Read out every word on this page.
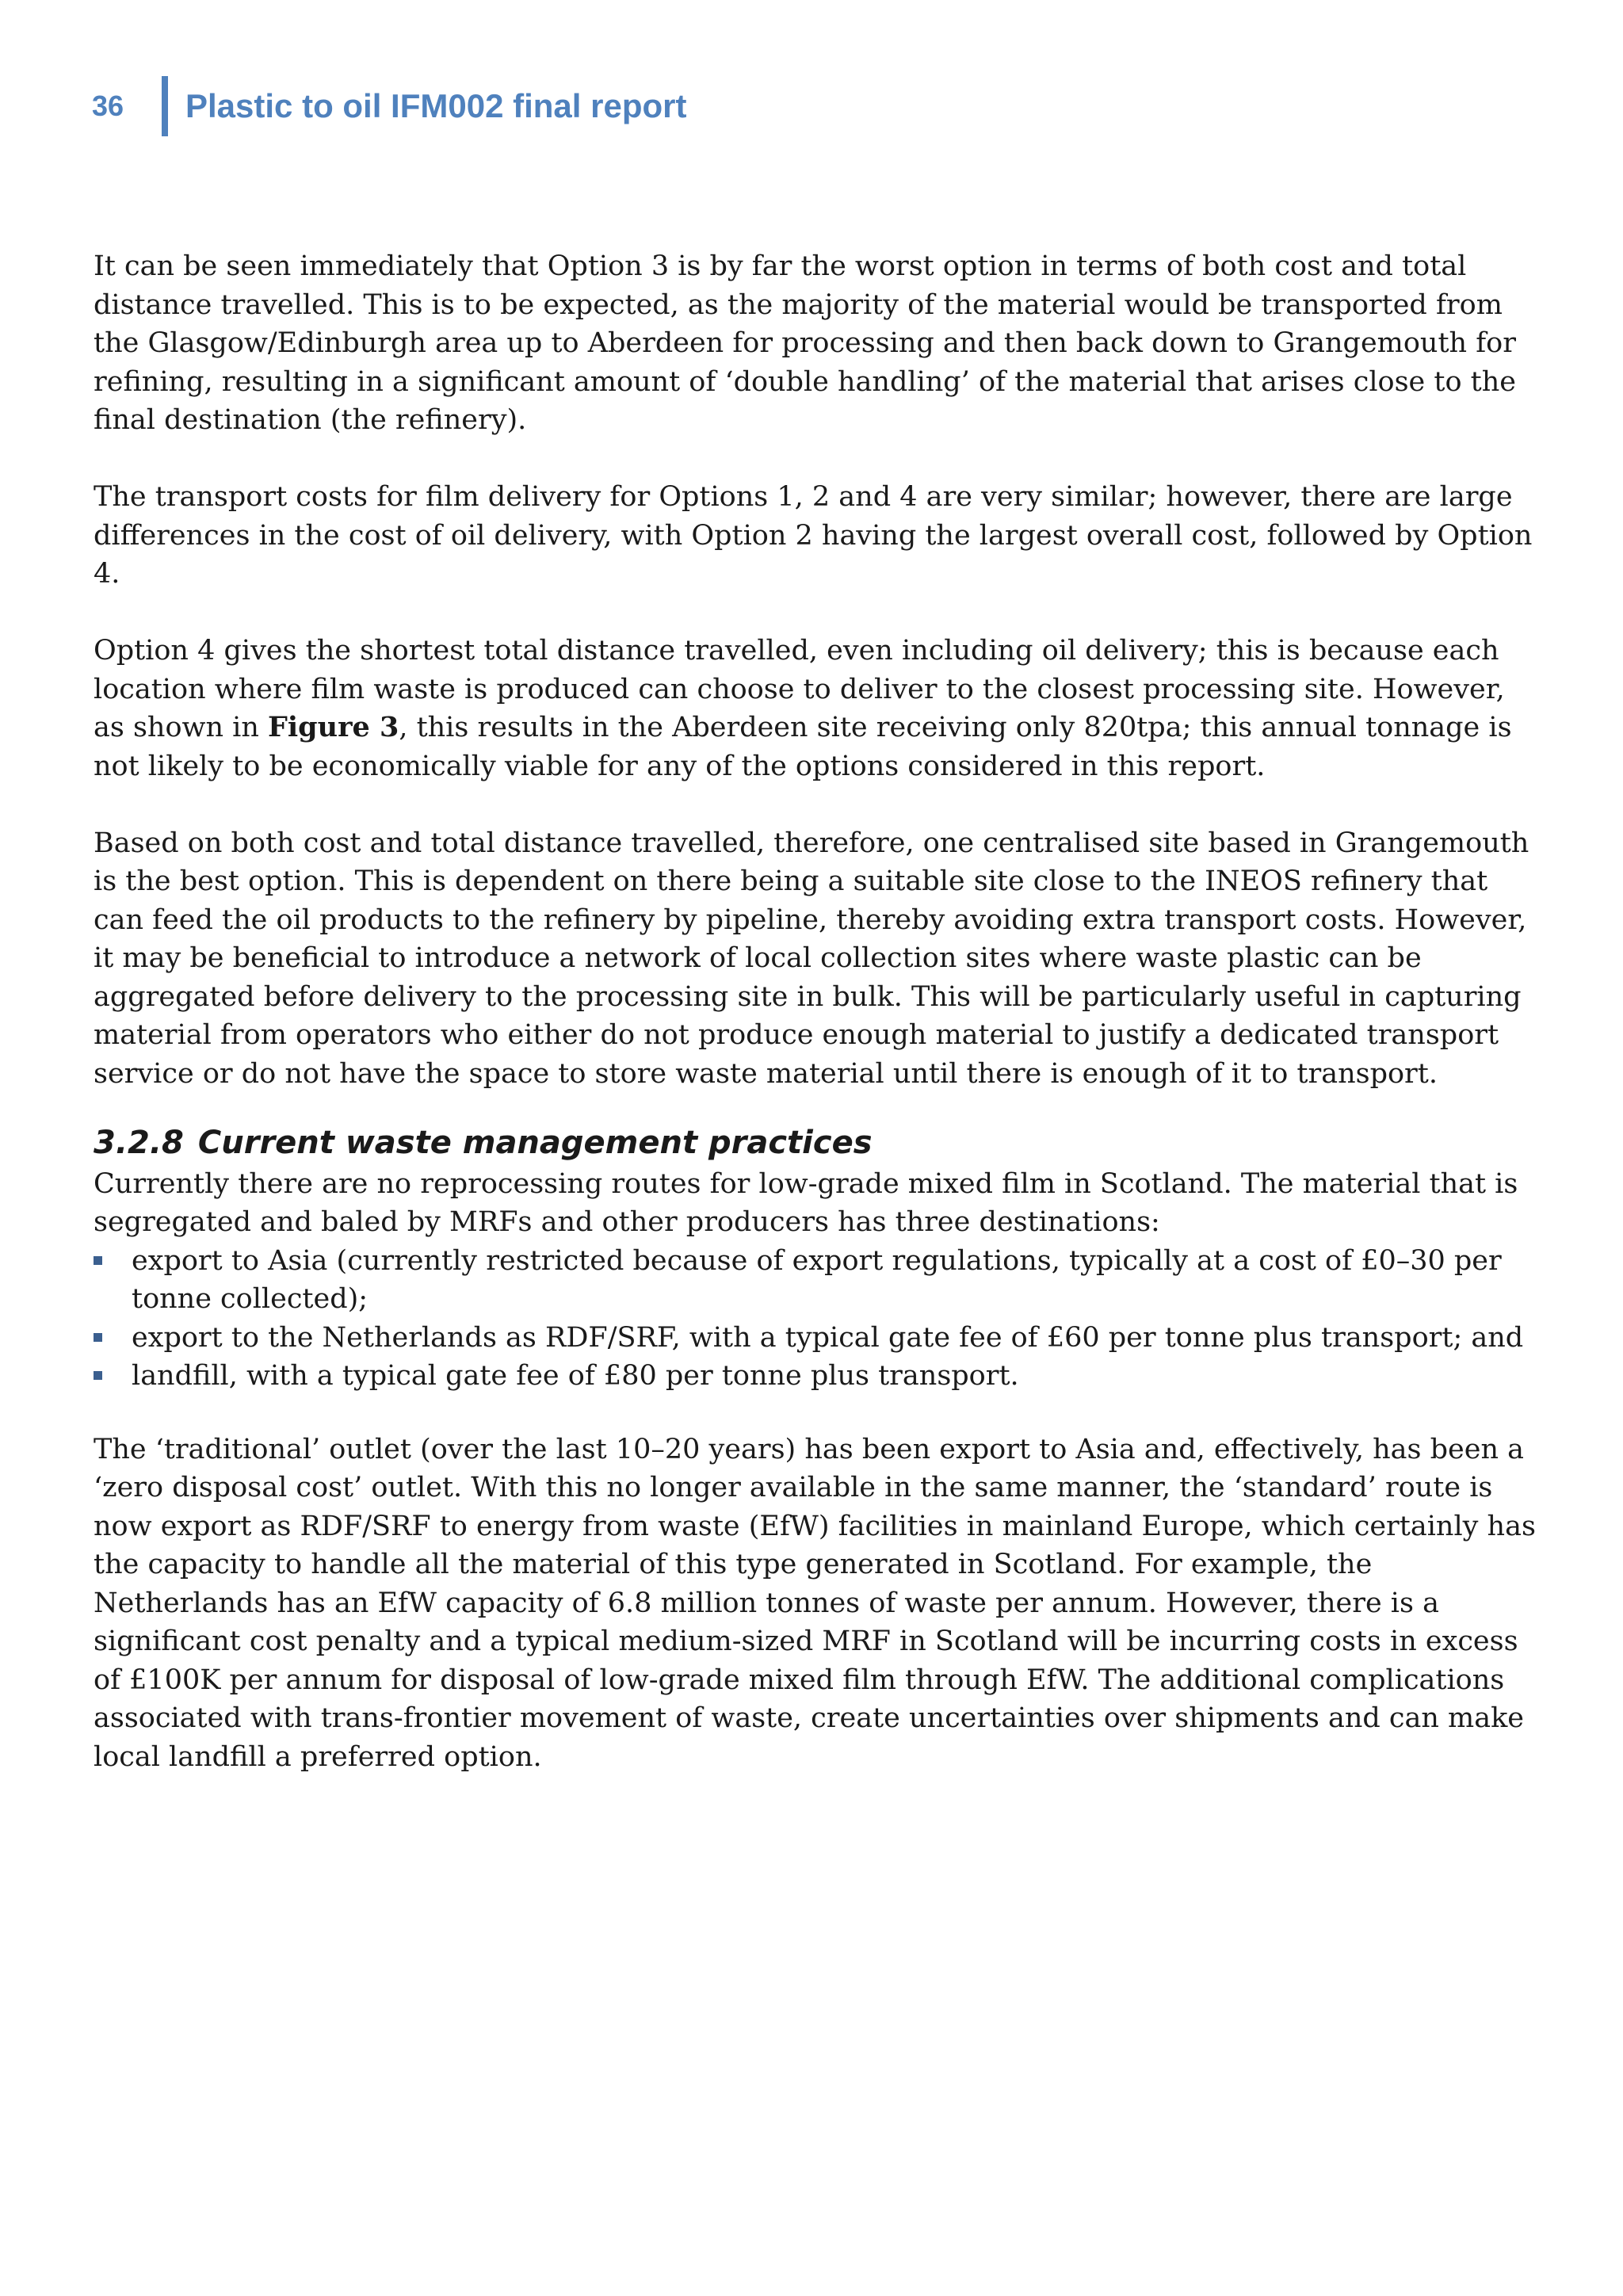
36	Plastic to oil IFM002 final report

It can be seen immediately that Option 3 is by far the worst option in terms of both cost and total distance travelled. This is to be expected, as the majority of the material would be transported from the Glasgow/Edinburgh area up to Aberdeen for processing and then back down to Grangemouth for refining, resulting in a significant amount of ‘double handling’ of the material that arises close to the final destination (the refinery).

The transport costs for film delivery for Options 1, 2 and 4 are very similar; however, there are large differences in the cost of oil delivery, with Option 2 having the largest overall cost, followed by Option 4.

Option 4 gives the shortest total distance travelled, even including oil delivery; this is because each location where film waste is produced can choose to deliver to the closest processing site. However, as shown in Figure 3, this results in the Aberdeen site receiving only 820tpa; this annual tonnage is not likely to be economically viable for any of the options considered in this report.

Based on both cost and total distance travelled, therefore, one centralised site based in Grangemouth is the best option. This is dependent on there being a suitable site close to the INEOS refinery that can feed the oil products to the refinery by pipeline, thereby avoiding extra transport costs. However, it may be beneficial to introduce a network of local collection sites where waste plastic can be aggregated before delivery to the processing site in bulk. This will be particularly useful in capturing material from operators who either do not produce enough material to justify a dedicated transport service or do not have the space to store waste material until there is enough of it to transport.

3.2.8 Current waste management practices

Currently there are no reprocessing routes for low-grade mixed film in Scotland. The material that is segregated and baled by MRFs and other producers has three destinations:

export to Asia (currently restricted because of export regulations, typically at a cost of £0–30 per tonne collected);
export to the Netherlands as RDF/SRF, with a typical gate fee of £60 per tonne plus transport; and
landfill, with a typical gate fee of £80 per tonne plus transport.

The ‘traditional’ outlet (over the last 10–20 years) has been export to Asia and, effectively, has been a ‘zero disposal cost’ outlet. With this no longer available in the same manner, the ‘standard’ route is now export as RDF/SRF to energy from waste (EfW) facilities in mainland Europe, which certainly has the capacity to handle all the material of this type generated in Scotland. For example, the Netherlands has an EfW capacity of 6.8 million tonnes of waste per annum. However, there is a significant cost penalty and a typical medium-sized MRF in Scotland will be incurring costs in excess of £100K per annum for disposal of low-grade mixed film through EfW. The additional complications associated with trans-frontier movement of waste, create uncertainties over shipments and can make local landfill a preferred option.
